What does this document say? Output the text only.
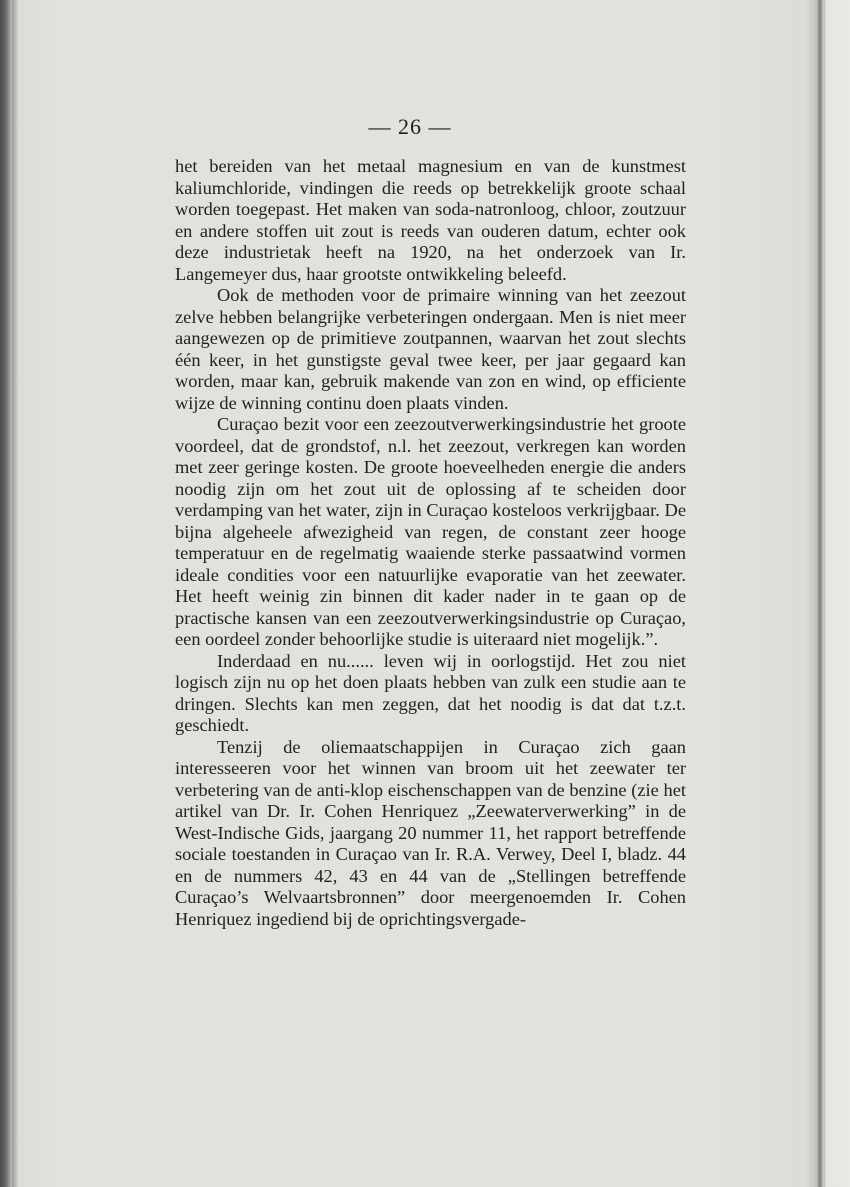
— 26 —

het bereiden van het metaal magnesium en van de kunstmest kaliumchloride, vindingen die reeds op betrekkelijk groote schaal worden toegepast. Het maken van soda-natronloog, chloor, zoutzuur en andere stoffen uit zout is reeds van ouderen datum, echter ook deze industrietak heeft na 1920, na het onderzoek van Ir. Langemeyer dus, haar grootste ontwikkeling beleefd.

Ook de methoden voor de primaire winning van het zeezout zelve hebben belangrijke verbeteringen ondergaan. Men is niet meer aangewezen op de primitieve zoutpannen, waarvan het zout slechts één keer, in het gunstigste geval twee keer, per jaar gegaard kan worden, maar kan, gebruik makende van zon en wind, op efficiente wijze de winning continu doen plaats vinden.

Curaçao bezit voor een zeezoutverwerkingsindustrie het groote voordeel, dat de grondstof, n.l. het zeezout, verkregen kan worden met zeer geringe kosten. De groote hoeveelheden energie die anders noodig zijn om het zout uit de oplossing af te scheiden door verdamping van het water, zijn in Curaçao kosteloos verkrijgbaar. De bijna algeheele afwezigheid van regen, de constant zeer hooge temperatuur en de regelmatig waaiende sterke passaatwind vormen ideale condities voor een natuurlijke evaporatie van het zeewater. Het heeft weinig zin binnen dit kader nader in te gaan op de practische kansen van een zeezoutverwerkingsindustrie op Curaçao, een oordeel zonder behoorlijke studie is uiteraard niet mogelijk.”.

Inderdaad en nu...... leven wij in oorlogstijd. Het zou niet logisch zijn nu op het doen plaats hebben van zulk een studie aan te dringen. Slechts kan men zeggen, dat het noodig is dat dat t.z.t. geschiedt.

Tenzij de oliemaatschappijen in Curaçao zich gaan interesseeren voor het winnen van broom uit het zeewater ter verbetering van de anti-klop eischenschappen van de benzine (zie het artikel van Dr. Ir. Cohen Henriquez „Zeewaterverwerking” in de West-Indische Gids, jaargang 20 nummer 11, het rapport betreffende sociale toestanden in Curaçao van Ir. R.A. Verwey, Deel I, bladz. 44 en de nummers 42, 43 en 44 van de „Stellingen betreffende Curaçao’s Welvaartsbronnen” door meergenoemden Ir. Cohen Henriquez ingediend bij de oprichtingsvergade-
